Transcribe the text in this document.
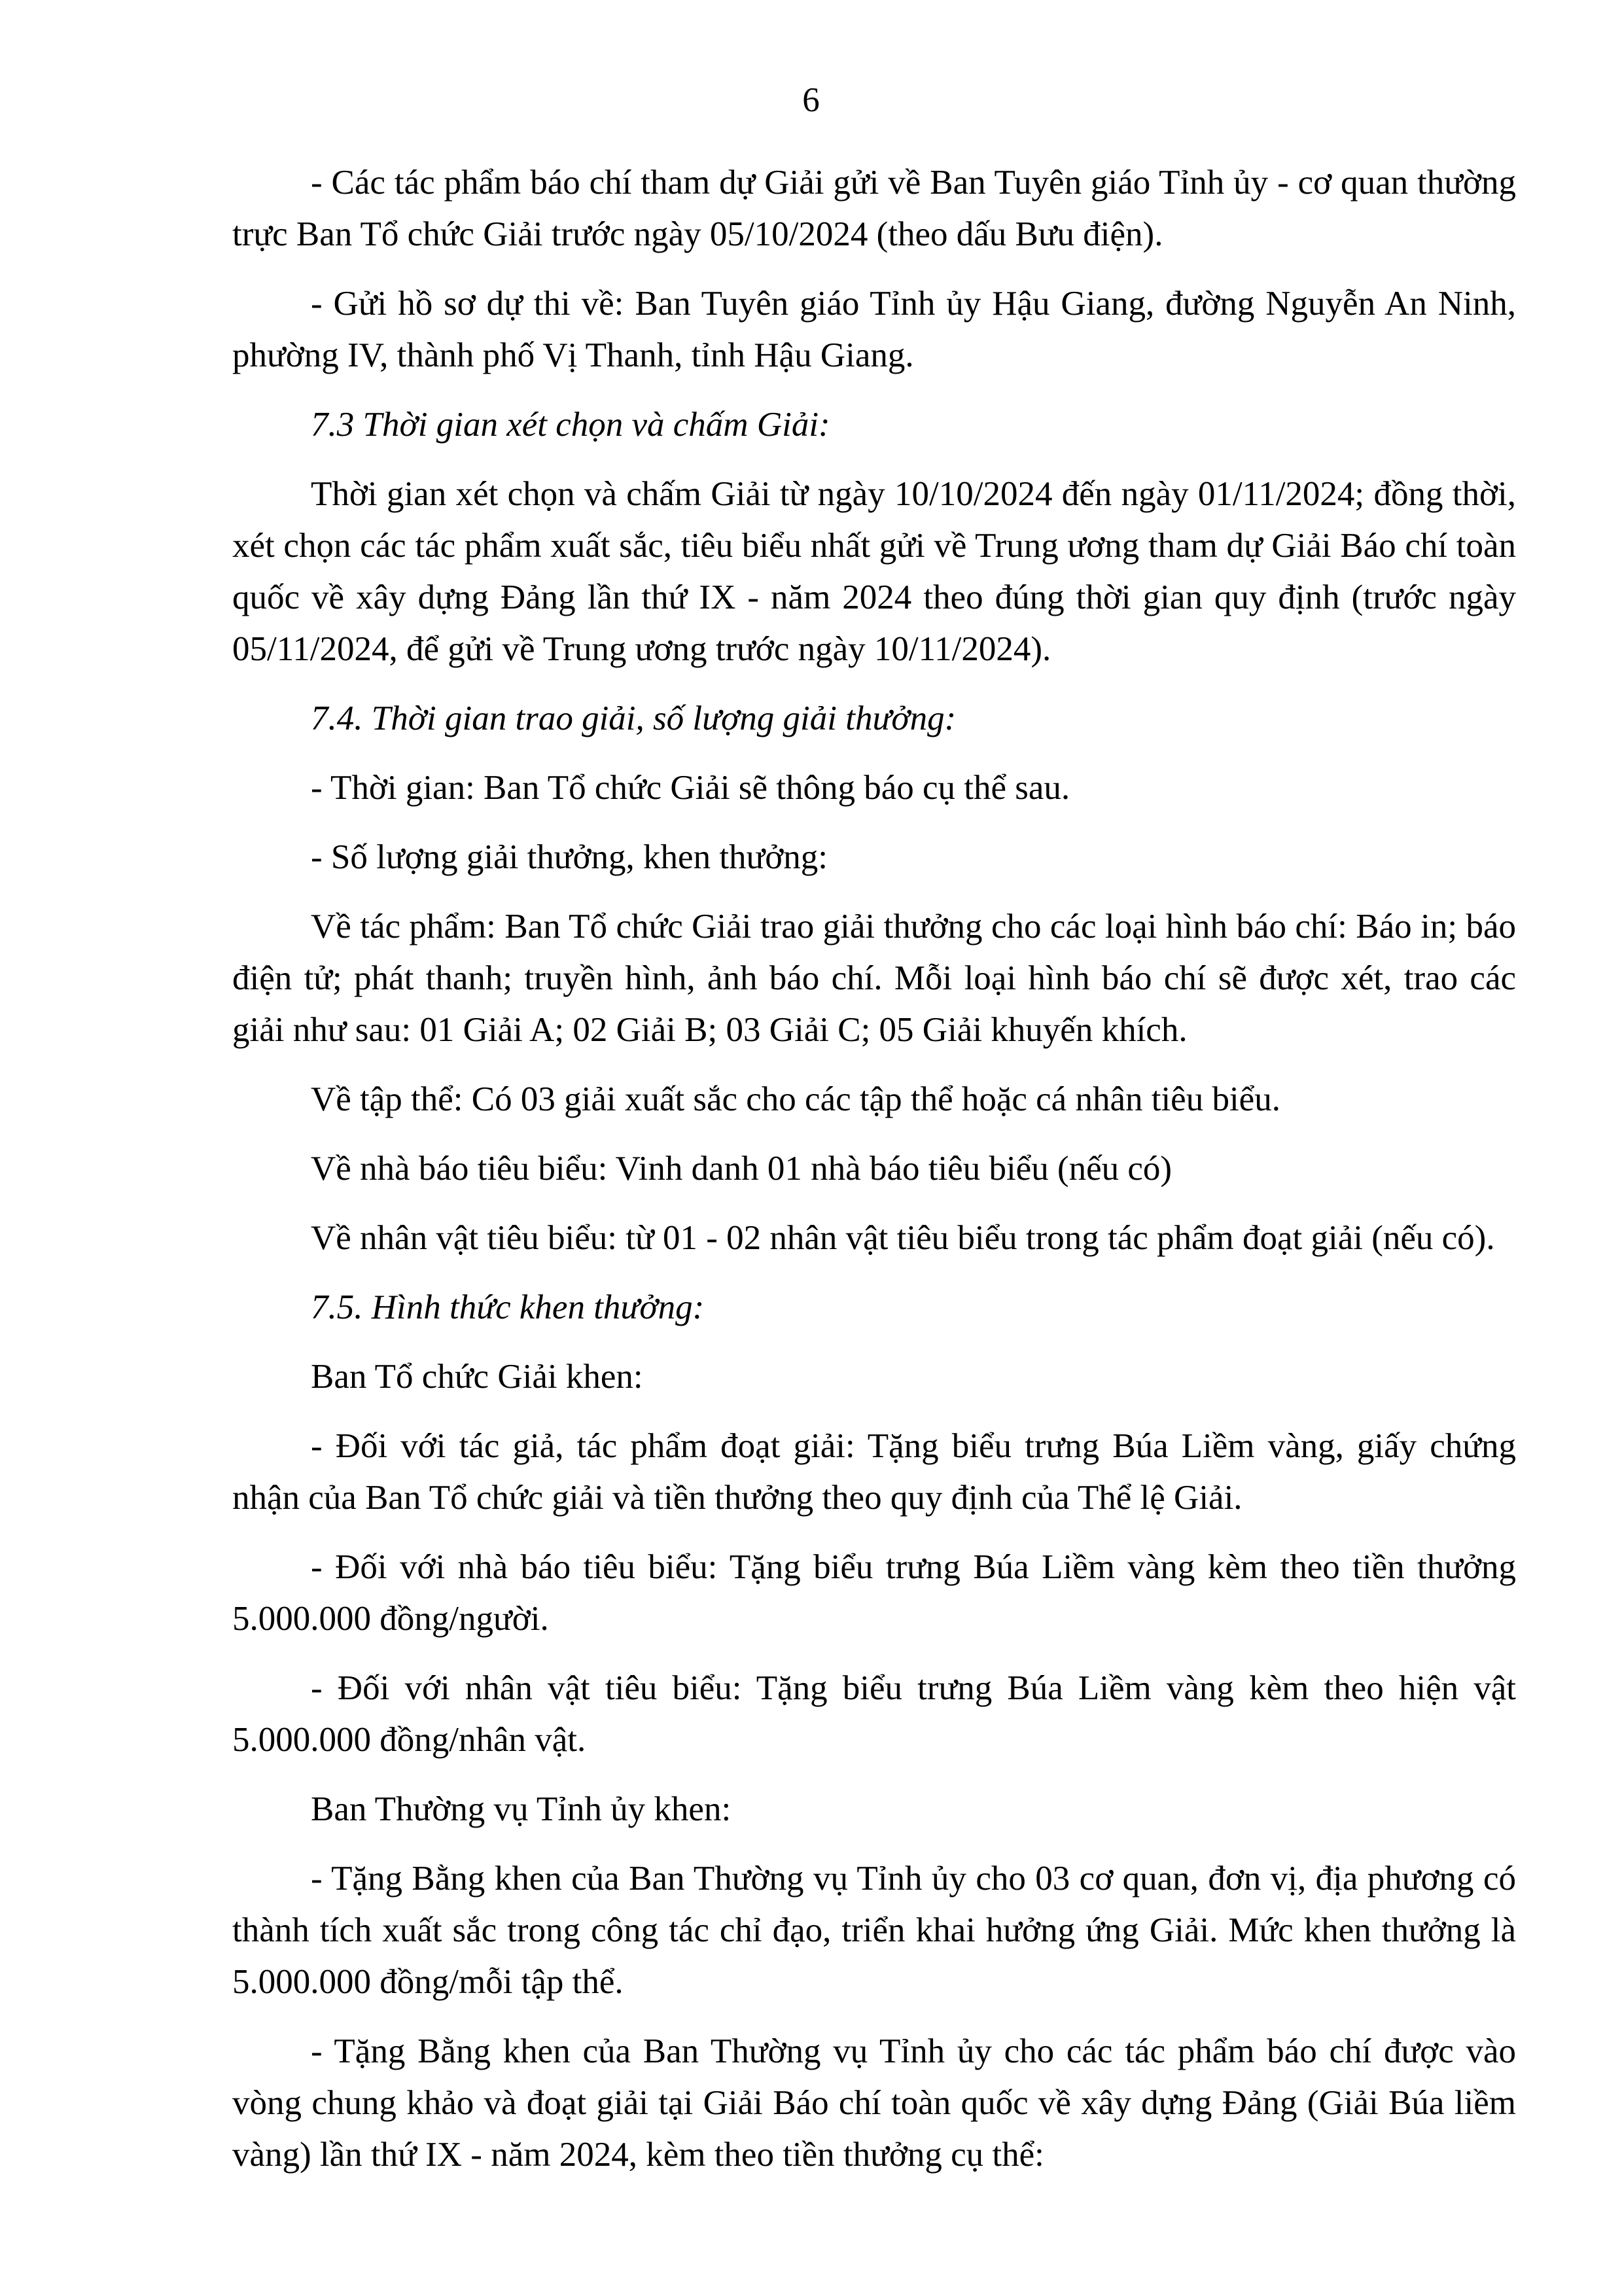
6

- Các tác phẩm báo chí tham dự Giải gửi về Ban Tuyên giáo Tỉnh ủy - cơ quan thường trực Ban Tổ chức Giải trước ngày 05/10/2024 (theo dấu Bưu điện).

- Gửi hồ sơ dự thi về: Ban Tuyên giáo Tỉnh ủy Hậu Giang, đường Nguyễn An Ninh, phường IV, thành phố Vị Thanh, tỉnh Hậu Giang.

7.3 Thời gian xét chọn và chấm Giải:

Thời gian xét chọn và chấm Giải từ ngày 10/10/2024 đến ngày 01/11/2024; đồng thời, xét chọn các tác phẩm xuất sắc, tiêu biểu nhất gửi về Trung ương tham dự Giải Báo chí toàn quốc về xây dựng Đảng lần thứ IX - năm 2024 theo đúng thời gian quy định (trước ngày 05/11/2024, để gửi về Trung ương trước ngày 10/11/2024).

7.4. Thời gian trao giải, số lượng giải thưởng:

- Thời gian: Ban Tổ chức Giải sẽ thông báo cụ thể sau.

- Số lượng giải thưởng, khen thưởng:

Về tác phẩm: Ban Tổ chức Giải trao giải thưởng cho các loại hình báo chí: Báo in; báo điện tử; phát thanh; truyền hình, ảnh báo chí. Mỗi loại hình báo chí sẽ được xét, trao các giải như sau: 01 Giải A; 02 Giải B; 03 Giải C; 05 Giải khuyến khích.

Về tập thể: Có 03 giải xuất sắc cho các tập thể hoặc cá nhân tiêu biểu.

Về nhà báo tiêu biểu: Vinh danh 01 nhà báo tiêu biểu (nếu có)

Về nhân vật tiêu biểu: từ 01 - 02 nhân vật tiêu biểu trong tác phẩm đoạt giải (nếu có).

7.5. Hình thức khen thưởng:

Ban Tổ chức Giải khen:

- Đối với tác giả, tác phẩm đoạt giải: Tặng biểu trưng Búa Liềm vàng, giấy chứng nhận của Ban Tổ chức giải và tiền thưởng theo quy định của Thể lệ Giải.

- Đối với nhà báo tiêu biểu: Tặng biểu trưng Búa Liềm vàng kèm theo tiền thưởng 5.000.000 đồng/người.

- Đối với nhân vật tiêu biểu: Tặng biểu trưng Búa Liềm vàng kèm theo hiện vật 5.000.000 đồng/nhân vật.

Ban Thường vụ Tỉnh ủy khen:

- Tặng Bằng khen của Ban Thường vụ Tỉnh ủy cho 03 cơ quan, đơn vị, địa phương có thành tích xuất sắc trong công tác chỉ đạo, triển khai hưởng ứng Giải. Mức khen thưởng là 5.000.000 đồng/mỗi tập thể.

- Tặng Bằng khen của Ban Thường vụ Tỉnh ủy cho các tác phẩm báo chí được vào vòng chung khảo và đoạt giải tại Giải Báo chí toàn quốc về xây dựng Đảng (Giải Búa liềm vàng) lần thứ IX - năm 2024, kèm theo tiền thưởng cụ thể:
